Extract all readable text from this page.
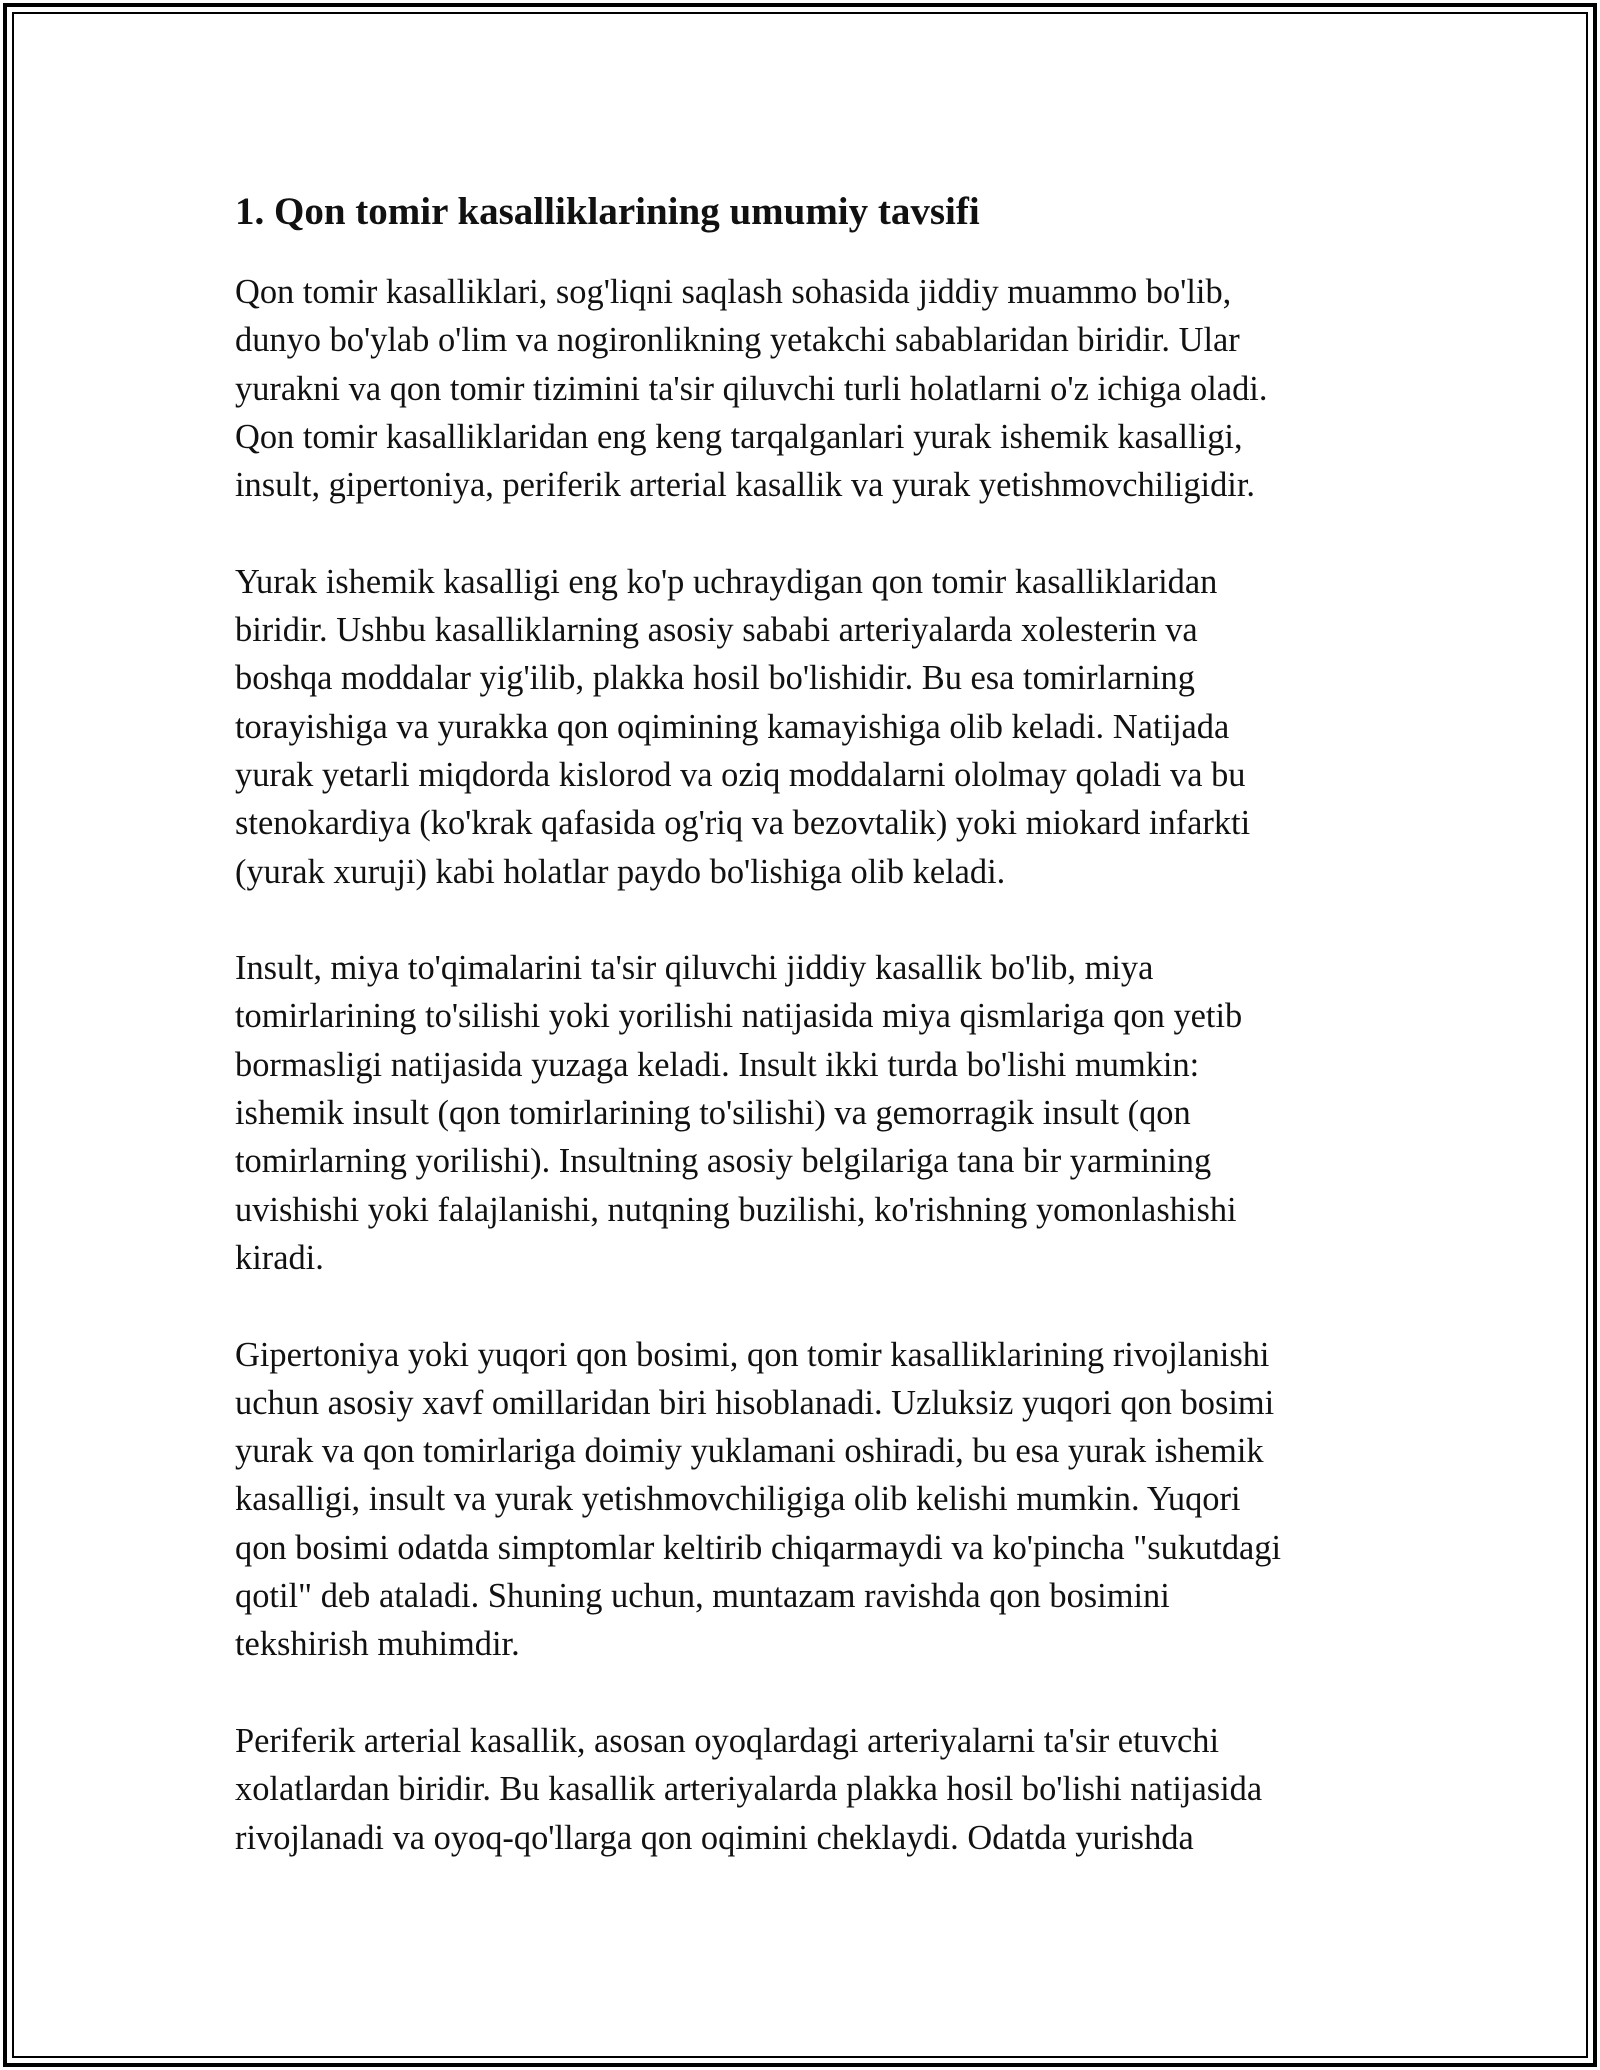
1. Qon tomir kasalliklarining umumiy tavsifi

Qon tomir kasalliklari, sog'liqni saqlash sohasida jiddiy muammo bo'lib,
dunyo bo'ylab o'lim va nogironlikning yetakchi sabablaridan biridir. Ular
yurakni va qon tomir tizimini ta'sir qiluvchi turli holatlarni o'z ichiga oladi.
Qon tomir kasalliklaridan eng keng tarqalganlari yurak ishemik kasalligi,
insult, gipertoniya, periferik arterial kasallik va yurak yetishmovchiligidir.

Yurak ishemik kasalligi eng ko'p uchraydigan qon tomir kasalliklaridan
biridir. Ushbu kasalliklarning asosiy sababi arteriyalarda xolesterin va
boshqa moddalar yig'ilib, plakka hosil bo'lishidir. Bu esa tomirlarning
torayishiga va yurakka qon oqimining kamayishiga olib keladi. Natijada
yurak yetarli miqdorda kislorod va oziq moddalarni ololmay qoladi va bu
stenokardiya (ko'krak qafasida og'riq va bezovtalik) yoki miokard infarkti
(yurak xuruji) kabi holatlar paydo bo'lishiga olib keladi.

Insult, miya to'qimalarini ta'sir qiluvchi jiddiy kasallik bo'lib, miya
tomirlarining to'silishi yoki yorilishi natijasida miya qismlariga qon yetib
bormasligi natijasida yuzaga keladi. Insult ikki turda bo'lishi mumkin:
ishemik insult (qon tomirlarining to'silishi) va gemorragik insult (qon
tomirlarning yorilishi). Insultning asosiy belgilariga tana bir yarmining
uvishishi yoki falajlanishi, nutqning buzilishi, ko'rishning yomonlashishi
kiradi.

Gipertoniya yoki yuqori qon bosimi, qon tomir kasalliklarining rivojlanishi
uchun asosiy xavf omillaridan biri hisoblanadi. Uzluksiz yuqori qon bosimi
yurak va qon tomirlariga doimiy yuklamani oshiradi, bu esa yurak ishemik
kasalligi, insult va yurak yetishmovchiligiga olib kelishi mumkin. Yuqori
qon bosimi odatda simptomlar keltirib chiqarmaydi va ko'pincha "sukutdagi
qotil" deb ataladi. Shuning uchun, muntazam ravishda qon bosimini
tekshirish muhimdir.

Periferik arterial kasallik, asosan oyoqlardagi arteriyalarni ta'sir etuvchi
xolatlardan biridir. Bu kasallik arteriyalarda plakka hosil bo'lishi natijasida
rivojlanadi va oyoq-qo'llarga qon oqimini cheklaydi. Odatda yurishda
